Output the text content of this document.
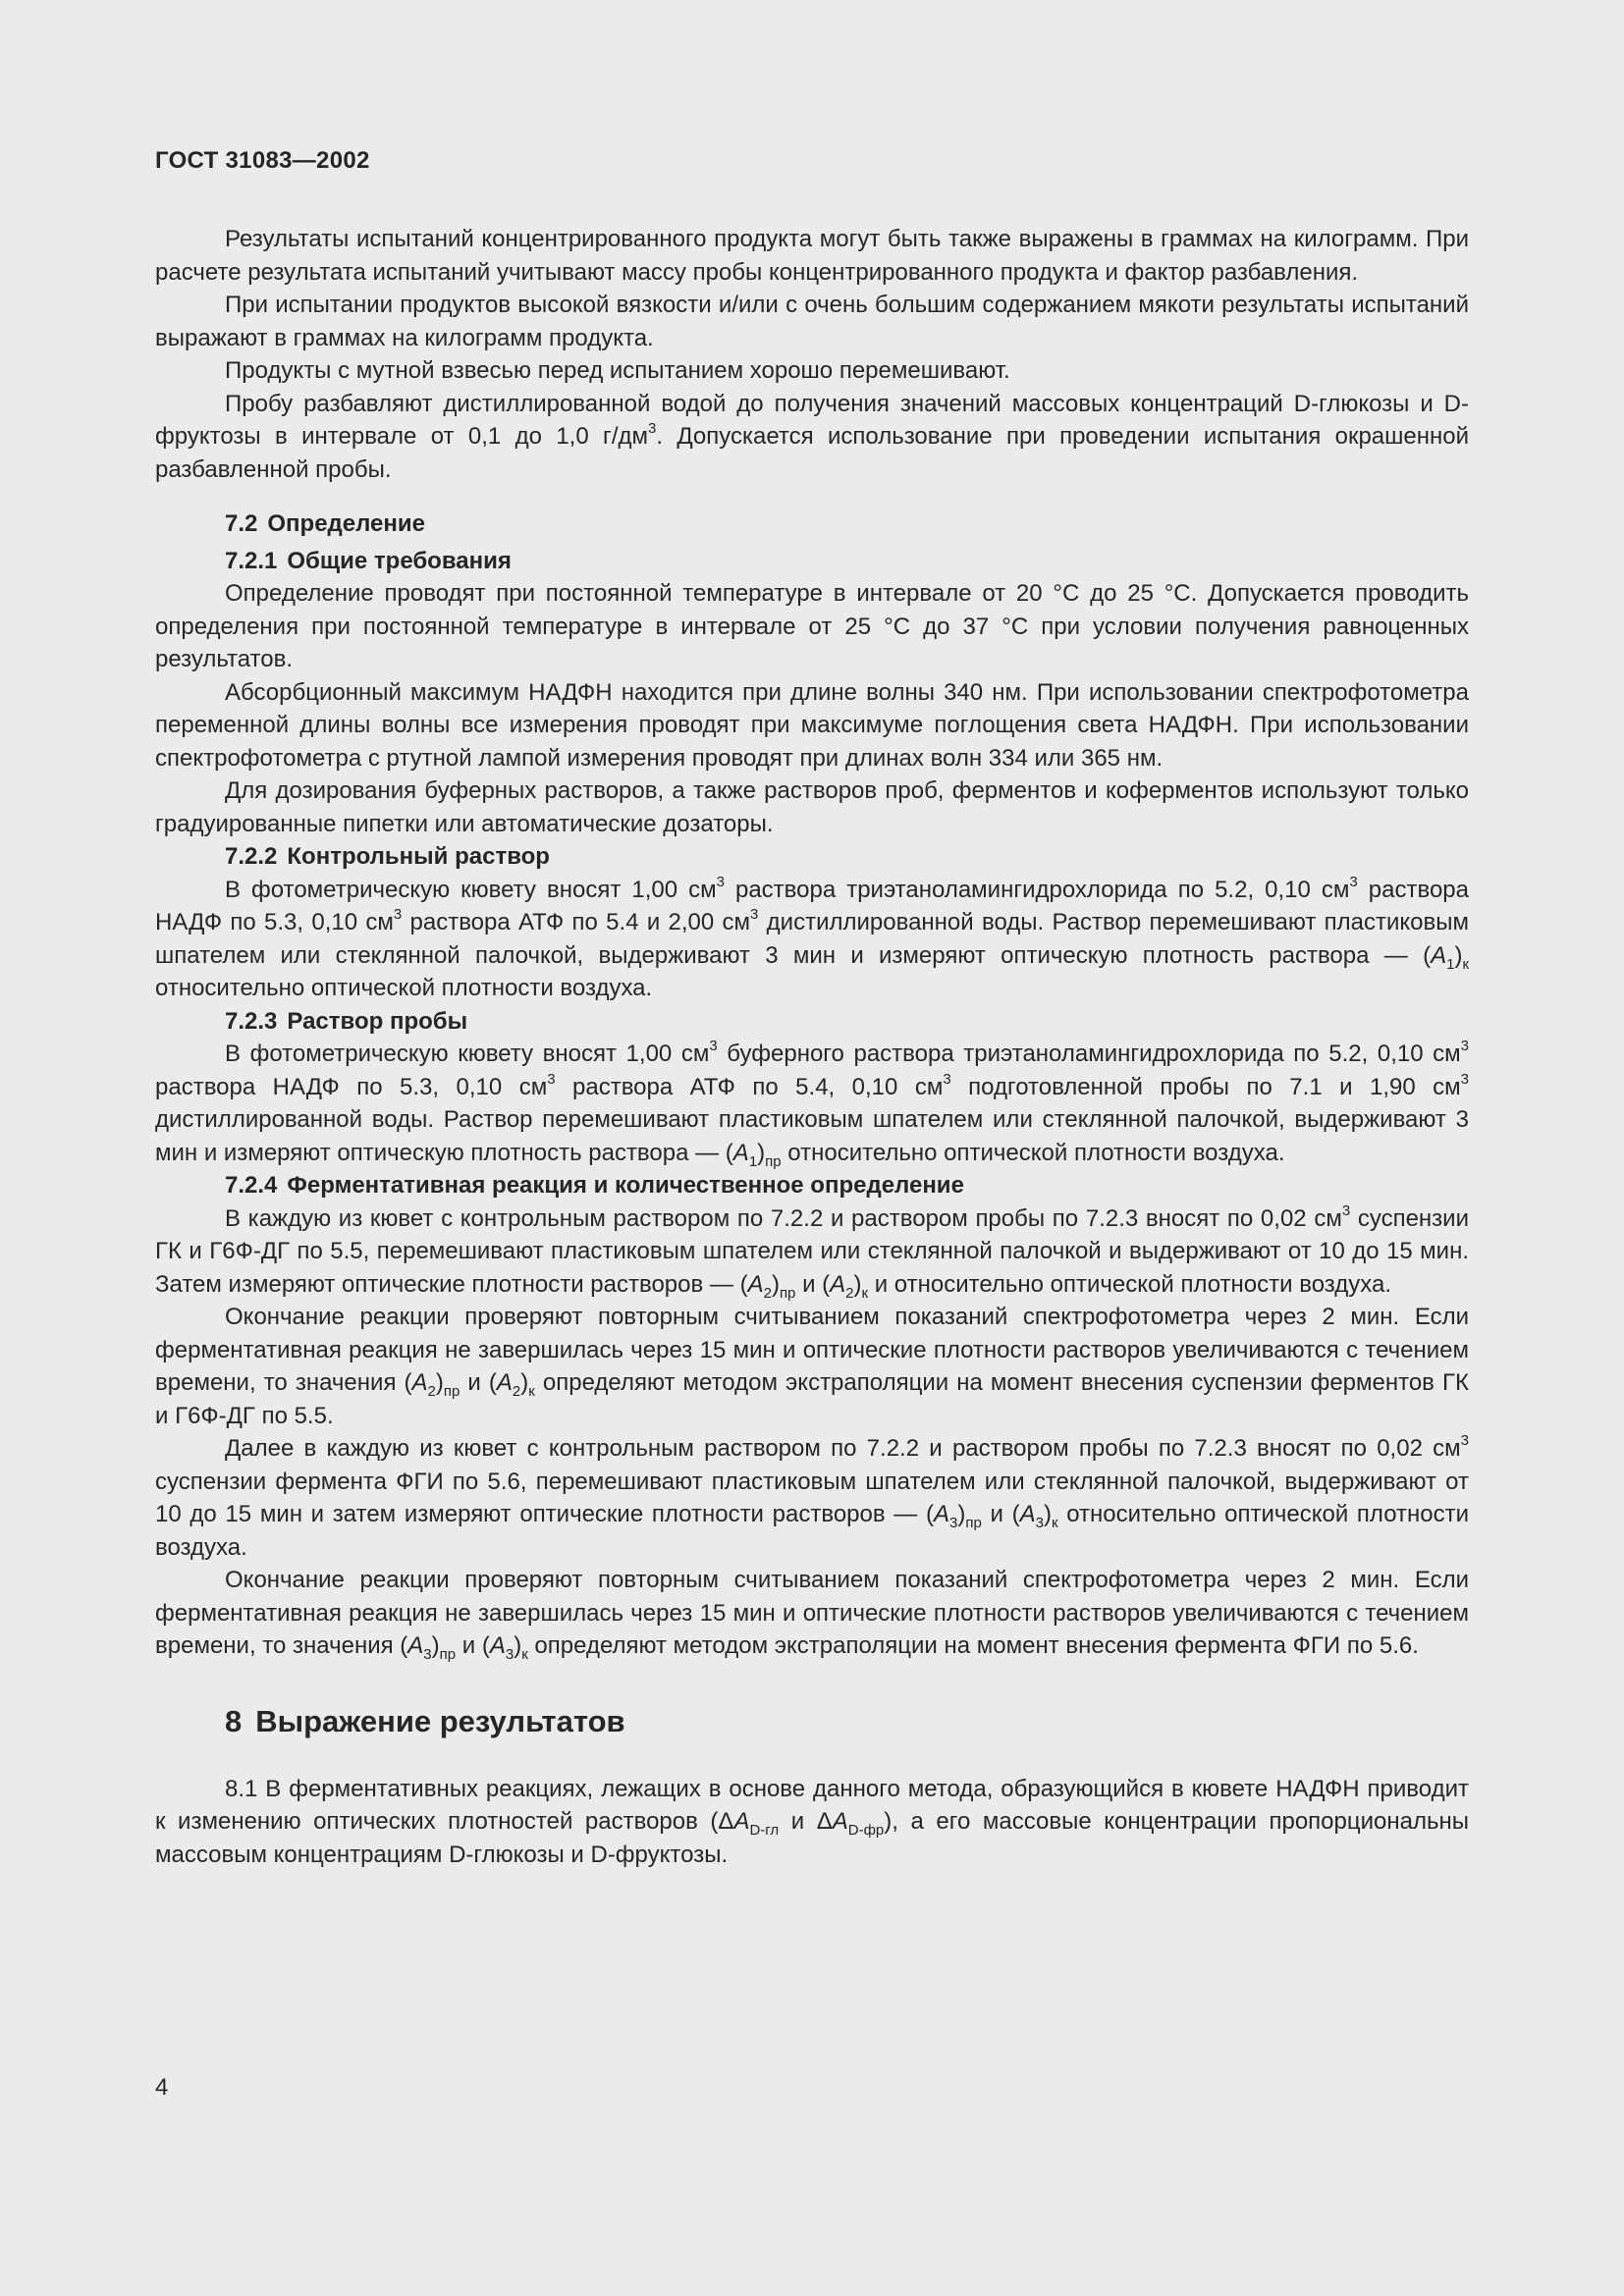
ГОСТ 31083—2002

Результаты испытаний концентрированного продукта могут быть также выражены в граммах на килограмм. При расчете результата испытаний учитывают массу пробы концентрированного продукта и фактор разбавления.

При испытании продуктов высокой вязкости и/или с очень большим содержанием мякоти результаты испытаний выражают в граммах на килограмм продукта.

Продукты с мутной взвесью перед испытанием хорошо перемешивают.

Пробу разбавляют дистиллированной водой до получения значений массовых концентраций D-глюкозы и D-фруктозы в интервале от 0,1 до 1,0 $г/дм^3$. Допускается использование при проведении испытания окрашенной разбавленной пробы.

7.2 Определение

7.2.1 Общие требования

Определение проводят при постоянной температуре в интервале от 20 °С до 25 °С. Допускается проводить определения при постоянной температуре в интервале от 25 °С до 37 °С при условии получения равноценных результатов.

Абсорбционный максимум НАДФН находится при длине волны 340 нм. При использовании спектрофотометра переменной длины волны все измерения проводят при максимуме поглощения света НАДФН. При использовании спектрофотометра с ртутной лампой измерения проводят при длинах волн 334 или 365 нм.

Для дозирования буферных растворов, а также растворов проб, ферментов и коферментов используют только градуированные пипетки или автоматические дозаторы.

7.2.2 Контрольный раствор

В фотометрическую кювету вносят 1,00 $см^3$ раствора триэтаноламингидрохлорида по 5.2, 0,10 $см^3$ раствора НАДФ по 5.3, 0,10 $см^3$ раствора АТФ по 5.4 и 2,00 $см^3$ дистиллированной воды. Раствор перемешивают пластиковым шпателем или стеклянной палочкой, выдерживают 3 мин и измеряют оптическую плотность раствора — $(A_1)_к$ относительно оптической плотности воздуха.

7.2.3 Раствор пробы

В фотометрическую кювету вносят 1,00 $см^3$ буферного раствора триэтаноламингидрохлорида по 5.2, 0,10 $см^3$ раствора НАДФ по 5.3, 0,10 $см^3$ раствора АТФ по 5.4, 0,10 $см^3$ подготовленной пробы по 7.1 и 1,90 $см^3$ дистиллированной воды. Раствор перемешивают пластиковым шпателем или стеклянной палочкой, выдерживают 3 мин и измеряют оптическую плотность раствора — $(A_1)_{пр}$ относительно оптической плотности воздуха.

7.2.4 Ферментативная реакция и количественное определение

В каждую из кювет с контрольным раствором по 7.2.2 и раствором пробы по 7.2.3 вносят по 0,02 $см^3$ суспензии ГК и Г6Ф-ДГ по 5.5, перемешивают пластиковым шпателем или стеклянной палочкой и выдерживают от 10 до 15 мин. Затем измеряют оптические плотности растворов — $(A_2)_{пр}$ и $(A_2)_к$ и относительно оптической плотности воздуха.

Окончание реакции проверяют повторным считыванием показаний спектрофотометра через 2 мин. Если ферментативная реакция не завершилась через 15 мин и оптические плотности растворов увеличиваются с течением времени, то значения $(A_2)_{пр}$ и $(A_2)_к$ определяют методом экстраполяции на момент внесения суспензии ферментов ГК и Г6Ф-ДГ по 5.5.

Далее в каждую из кювет с контрольным раствором по 7.2.2 и раствором пробы по 7.2.3 вносят по 0,02 $см^3$ суспензии фермента ФГИ по 5.6, перемешивают пластиковым шпателем или стеклянной палочкой, выдерживают от 10 до 15 мин и затем измеряют оптические плотности растворов — $(A_3)_{пр}$ и $(A_3)_к$ относительно оптической плотности воздуха.

Окончание реакции проверяют повторным считыванием показаний спектрофотометра через 2 мин. Если ферментативная реакция не завершилась через 15 мин и оптические плотности растворов увеличиваются с течением времени, то значения $(A_3)_{пр}$ и $(A_3)_к$ определяют методом экстраполяции на момент внесения фермента ФГИ по 5.6.

8 Выражение результатов

8.1 В ферментативных реакциях, лежащих в основе данного метода, образующийся в кювете НАДФН приводит к изменению оптических плотностей растворов ($\Delta A_{D-гл}$ и $\Delta A_{D-фр}$), а его массовые концентрации пропорциональны массовым концентрациям D-глюкозы и D-фруктозы.

4
